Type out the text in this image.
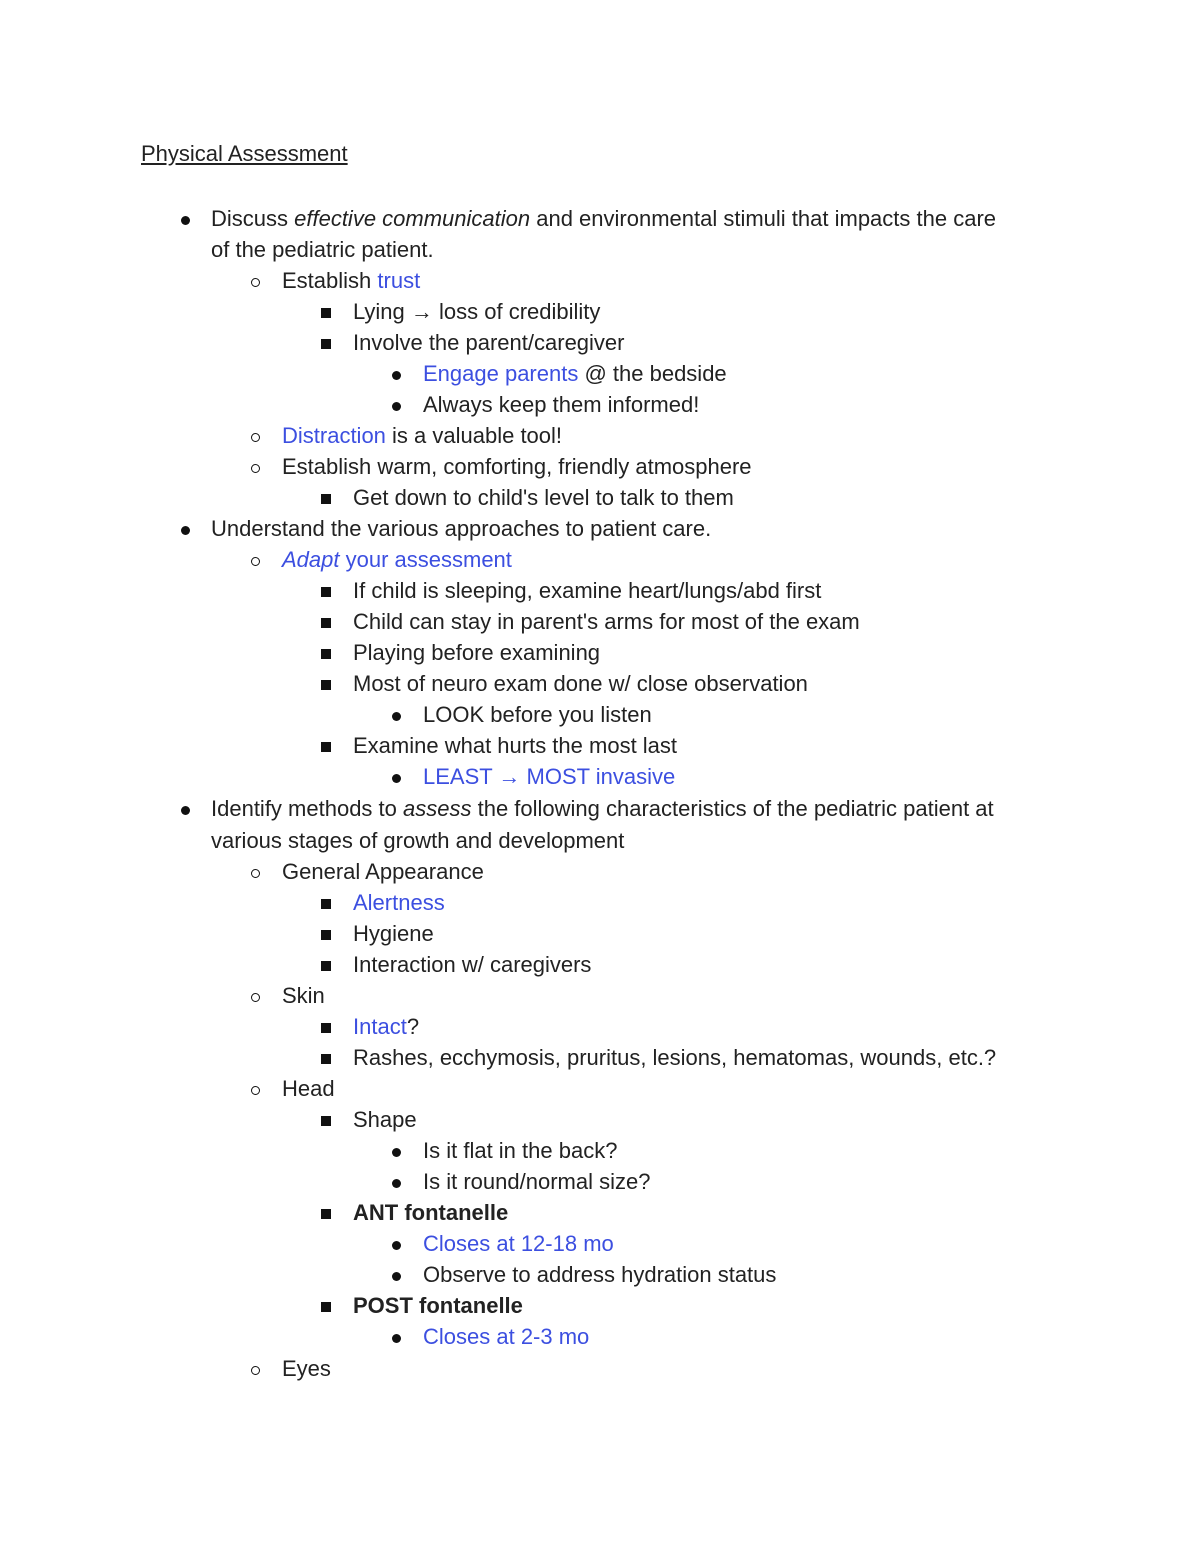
Physical Assessment
Discuss effective communication and environmental stimuli that impacts the care
of the pediatric patient.
Establish trust
Lying → loss of credibility
Involve the parent/caregiver
Engage parents @ the bedside
Always keep them informed!
Distraction is a valuable tool!
Establish warm, comforting, friendly atmosphere
Get down to child's level to talk to them
Understand the various approaches to patient care.
Adapt your assessment
If child is sleeping, examine heart/lungs/abd first
Child can stay in parent's arms for most of the exam
Playing before examining
Most of neuro exam done w/ close observation
LOOK before you listen
Examine what hurts the most last
LEAST → MOST invasive
Identify methods to assess the following characteristics of the pediatric patient at
various stages of growth and development
General Appearance
Alertness
Hygiene
Interaction w/ caregivers
Skin
Intact?
Rashes, ecchymosis, pruritus, lesions, hematomas, wounds, etc.?
Head
Shape
Is it flat in the back?
Is it round/normal size?
ANT fontanelle
Closes at 12-18 mo
Observe to address hydration status
POST fontanelle
Closes at 2-3 mo
Eyes
